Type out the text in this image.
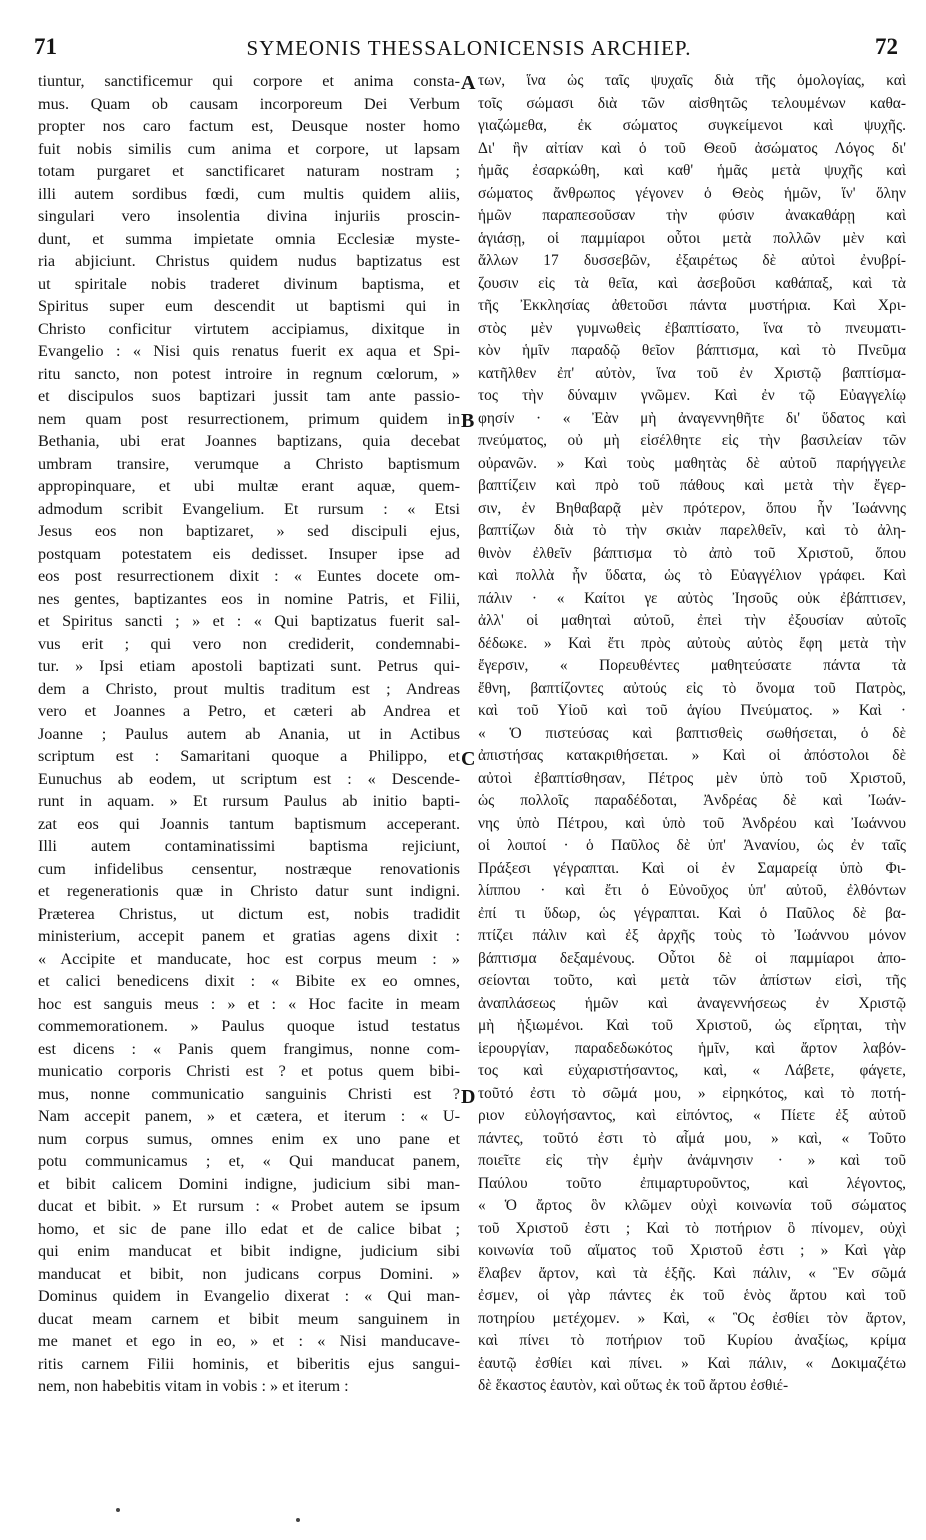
71	SYMEONIS THESSALONICENSIS ARCHIEP.	72
tiuntur, sanctificemur qui corpore et anima consta-
mus. Quam ob causam incorporeum Dei Verbum
propter nos caro factum est, Deusque noster homo
fuit nobis similis cum anima et corpore, ut lapsam
totam purgaret et sanctificaret naturam nostram ;
illi autem sordibus fœdi, cum multis quidem aliis,
singulari vero insolentia divina injuriis proscin-
dunt, et summa impietate omnia Ecclesiæ myste-
ria abjiciunt. Christus quidem nudus baptizatus est
ut spiritale nobis traderet divinum baptisma, et
Spiritus super eum descendit ut baptismi qui in
Christo conficitur virtutem accipiamus, dixitque in
Evangelio : « Nisi quis renatus fuerit ex aqua et Spi-
ritu sancto, non potest introire in regnum cœlorum, »
et discipulos suos baptizari jussit tam ante passio-
nem quam post resurrectionem, primum quidem in
Bethania, ubi erat Joannes baptizans, quia decebat
umbram transire, verumque a Christo baptismum
appropinquare, et ubi multæ erant aquæ, quem-
admodum scribit Evangelium. Et rursum : « Etsi
Jesus eos non baptizaret, » sed discipuli ejus,
postquam potestatem eis dedisset. Insuper ipse ad
eos post resurrectionem dixit : « Euntes docete om-
nes gentes, baptizantes eos in nomine Patris, et Filii,
et Spiritus sancti ; » et : « Qui baptizatus fuerit sal-
vus erit ; qui vero non crediderit, condemnabi-
tur. » Ipsi etiam apostoli baptizati sunt. Petrus qui-
dem a Christo, prout multis traditum est ; Andreas
vero et Joannes a Petro, et cæteri ab Andrea et
Joanne ; Paulus autem ab Anania, ut in Actibus
scriptum est : Samaritani quoque a Philippo, et
Eunuchus ab eodem, ut scriptum est : « Descende-
runt in aquam. » Et rursum Paulus ab initio bapti-
zat eos qui Joannis tantum baptismum acceperant.
Illi autem contaminatissimi baptisma rejiciunt,
cum infidelibus censentur, nostræque renovationis
et regenerationis quæ in Christo datur sunt indigni.
Præterea Christus, ut dictum est, nobis tradidit
ministerium, accepit panem et gratias agens dixit :
« Accipite et manducate, hoc est corpus meum : »
et calici benedicens dixit : « Bibite ex eo omnes,
hoc est sanguis meus : » et : « Hoc facite in meam
commemorationem. » Paulus quoque istud testatus
est dicens : « Panis quem frangimus, nonne com-
municatio corporis Christi est ? et potus quem bibi-
mus, nonne communicatio sanguinis Christi est ?
Nam accepit panem, » et cætera, et iterum : « U-
num corpus sumus, omnes enim ex uno pane et
potu communicamus ; et, « Qui manducat panem,
et bibit calicem Domini indigne, judicium sibi man-
ducat et bibit. » Et rursum : « Probet autem se ipsum
homo, et sic de pane illo edat et de calice bibat ;
qui enim manducat et bibit indigne, judicium sibi
manducat et bibit, non judicans corpus Domini. »
Dominus quidem in Evangelio dixerat : « Qui man-
ducat meam carnem et bibit meum sanguinem in
me manet et ego in eo, » et : « Nisi manducave-
ritis carnem Filii hominis, et biberitis ejus sangui-
nem, non habebitis vitam in vobis : » et iterum :
των, ἵνα ὡς ταῖς ψυχαῖς διὰ τῆς ὁμολογίας, καὶ
τοῖς σώμασι διὰ τῶν αἰσθητῶς τελουμένων καθα-
γιαζώμεθα, ἐκ σώματος συγκείμενοι καὶ ψυχῆς.
Δι' ἣν αἰτίαν καὶ ὁ τοῦ Θεοῦ ἀσώματος Λόγος δι'
ἡμᾶς ἐσαρκώθη, καὶ καθ' ἡμᾶς μετὰ ψυχῆς καὶ
σώματος ἄνθρωπος γέγονεν ὁ Θεὸς ἡμῶν, ἵν' ὅλην
ἡμῶν παραπεσοῦσαν τὴν φύσιν ἀνακαθάρῃ καὶ
ἁγιάσῃ, οἱ παμμίαροι οὗτοι μετὰ πολλῶν μὲν καὶ
ἄλλων 17 δυσσεβῶν, ἐξαιρέτως δὲ αὐτοὶ ἐνυβρί-
ζουσιν εἰς τὰ θεῖα, καὶ ἀσεβοῦσι καθάπαξ, καὶ τὰ
τῆς Ἐκκλησίας ἀθετοῦσι πάντα μυστήρια. Καὶ Χρι-
στὸς μὲν γυμνωθεὶς ἐβαπτίσατο, ἵνα τὸ πνευματι-
κὸν ἡμῖν παραδῷ θεῖον βάπτισμα, καὶ τὸ Πνεῦμα
κατῆλθεν ἐπ' αὐτὸν, ἵνα τοῦ ἐν Χριστῷ βαπτίσμα-
τος τὴν δύναμιν γνῶμεν. Καὶ ἐν τῷ Εὐαγγελίῳ
φησίν · « Ἐὰν μὴ ἀναγεννηθῆτε δι' ὕδατος καὶ
πνεύματος, οὐ μὴ εἰσέλθητε εἰς τὴν βασιλείαν τῶν
οὐρανῶν. » Καὶ τοὺς μαθητὰς δὲ αὐτοῦ παρήγγειλε
βαπτίζειν καὶ πρὸ τοῦ πάθους καὶ μετὰ τὴν ἔγερ-
σιν, ἐν Βηθαβαρᾷ μὲν πρότερον, ὅπου ἦν Ἰωάννης
βαπτίζων διὰ τὸ τὴν σκιὰν παρελθεῖν, καὶ τὸ ἀλη-
θινὸν ἐλθεῖν βάπτισμα τὸ ἀπὸ τοῦ Χριστοῦ, ὅπου
καὶ πολλὰ ἦν ὕδατα, ὡς τὸ Εὐαγγέλιον γράφει. Καὶ
πάλιν · « Καίτοι γε αὐτὸς Ἰησοῦς οὐκ ἐβάπτισεν,
ἀλλ' οἱ μαθηταὶ αὐτοῦ, ἐπεὶ τὴν ἐξουσίαν αὐτοῖς
δέδωκε. » Καὶ ἔτι πρὸς αὐτοὺς αὐτὸς ἔφη μετὰ τὴν
ἔγερσιν, « Πορευθέντες μαθητεύσατε πάντα τὰ
ἔθνη, βαπτίζοντες αὐτούς εἰς τὸ ὄνομα τοῦ Πατρὸς,
καὶ τοῦ Υἱοῦ καὶ τοῦ ἁγίου Πνεύματος. » Καὶ ·
« Ὁ πιστεύσας καὶ βαπτισθεὶς σωθήσεται, ὁ δὲ
ἀπιστήσας κατακριθήσεται. » Καὶ οἱ ἀπόστολοι δὲ
αὐτοὶ ἐβαπτίσθησαν, Πέτρος μὲν ὑπὸ τοῦ Χριστοῦ,
ὡς πολλοῖς παραδέδοται, Ἀνδρέας δὲ καὶ Ἰωάν-
νης ὑπὸ Πέτρου, καὶ ὑπὸ τοῦ Ἀνδρέου καὶ Ἰωάννου
οἱ λοιποί · ὁ Παῦλος δὲ ὑπ' Ἀνανίου, ὡς ἐν ταῖς
Πράξεσι γέγραπται. Καὶ οἱ ἐν Σαμαρείᾳ ὑπὸ Φι-
λίππου · καὶ ἔτι ὁ Εὐνοῦχος ὑπ' αὐτοῦ, ἐλθόντων
ἐπί τι ὕδωρ, ὡς γέγραπται. Καὶ ὁ Παῦλος δὲ βα-
πτίζει πάλιν καὶ ἐξ ἀρχῆς τοὺς τὸ Ἰωάννου μόνον
βάπτισμα δεξαμένους. Οὗτοι δὲ οἱ παμμίαροι ἀπο-
σείονται τοῦτο, καὶ μετὰ τῶν ἀπίστων εἰσὶ, τῆς
ἀναπλάσεως ἡμῶν καὶ ἀναγεννήσεως ἐν Χριστῷ
μὴ ἠξιωμένοι. Καὶ τοῦ Χριστοῦ, ὡς εἴρηται, τὴν
ἱερουργίαν, παραδεδωκότος ἡμῖν, καὶ ἄρτον λαβόν-
τος καὶ εὐχαριστήσαντος, καὶ, « Λάβετε, φάγετε,
τοῦτό ἐστι τὸ σῶμά μου, » εἰρηκότος, καὶ τὸ ποτή-
ριον εὐλογήσαντος, καὶ εἰπόντος, « Πίετε ἐξ αὐτοῦ
πάντες, τοῦτό ἐστι τὸ αἷμά μου, » καὶ, « Τοῦτο
ποιεῖτε εἰς τὴν ἐμὴν ἀνάμνησιν · » καὶ τοῦ
Παύλου τοῦτο ἐπιμαρτυροῦντος, καὶ λέγοντος,
« Ὁ ἄρτος ὃν κλῶμεν οὐχὶ κοινωνία τοῦ σώματος
τοῦ Χριστοῦ ἐστι ; Καὶ τὸ ποτήριον ὃ πίνομεν, οὐχὶ
κοινωνία τοῦ αἵματος τοῦ Χριστοῦ ἐστι ; » Καὶ γὰρ
ἔλαβεν ἄρτον, καὶ τὰ ἑξῆς. Καὶ πάλιν, « Ἓν σῶμά
ἐσμεν, οἱ γὰρ πάντες ἐκ τοῦ ἑνὸς ἄρτου καὶ τοῦ
ποτηρίου μετέχομεν. » Καὶ, « Ὃς ἐσθίει τὸν ἄρτον,
καὶ πίνει τὸ ποτήριον τοῦ Κυρίου ἀναξίως, κρίμα
ἑαυτῷ ἐσθίει καὶ πίνει. » Καὶ πάλιν, « Δοκιμαζέτω
δὲ ἕκαστος ἑαυτὸν, καὶ οὕτως ἐκ τοῦ ἄρτου ἐσθιέ-
A
B
C
D
